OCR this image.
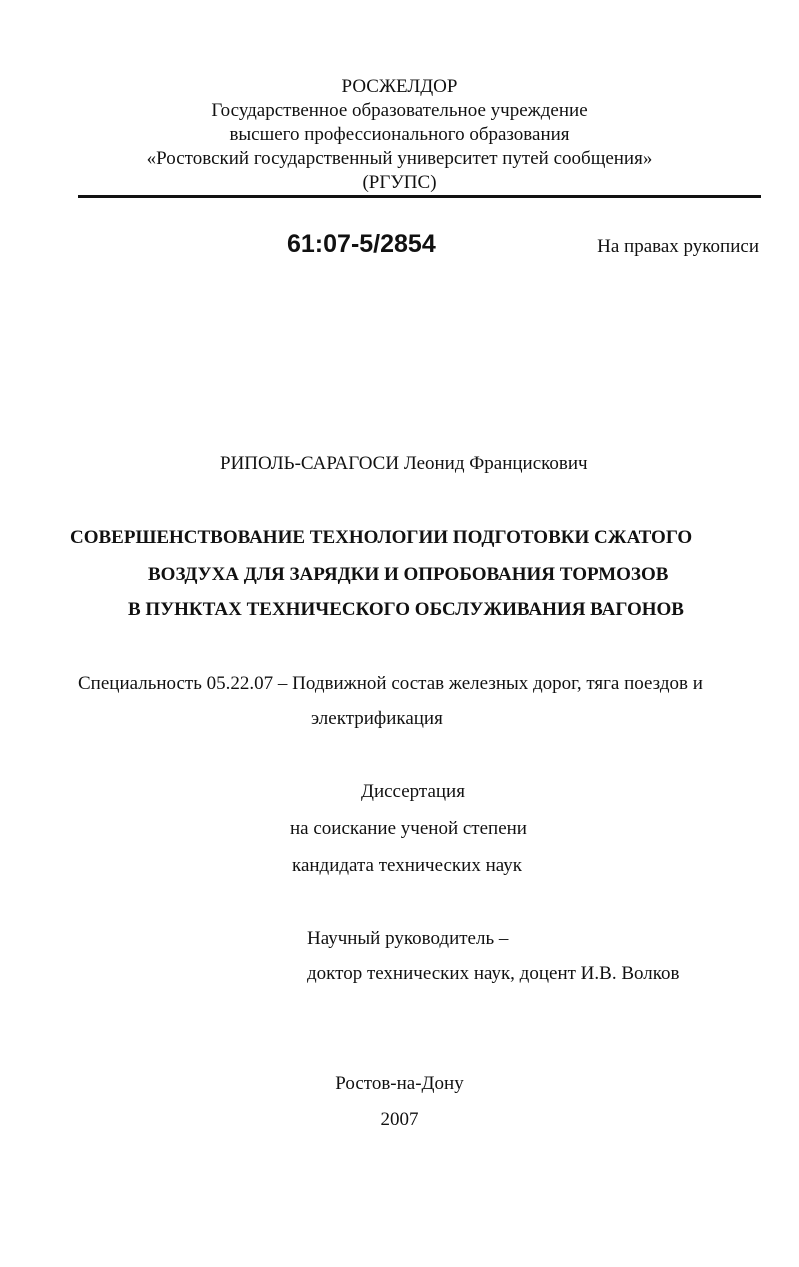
РОСЖЕЛДОР
Государственное образовательное учреждение
высшего профессионального образования
«Ростовский государственный университет путей сообщения»
(РГУПС)
61:07-5/2854	На правах рукописи
РИПОЛЬ-САРАГОСИ Леонид Францискович
СОВЕРШЕНСТВОВАНИЕ ТЕХНОЛОГИИ ПОДГОТОВКИ СЖАТОГО
ВОЗДУХА ДЛЯ ЗАРЯДКИ И ОПРОБОВАНИЯ ТОРМОЗОВ
В ПУНКТАХ ТЕХНИЧЕСКОГО ОБСЛУЖИВАНИЯ ВАГОНОВ
Специальность 05.22.07 – Подвижной состав железных дорог, тяга поездов и
электрификация
Диссертация
на соискание ученой степени
кандидата технических наук
Научный руководитель –
доктор технических наук, доцент И.В. Волков
Ростов-на-Дону
2007
